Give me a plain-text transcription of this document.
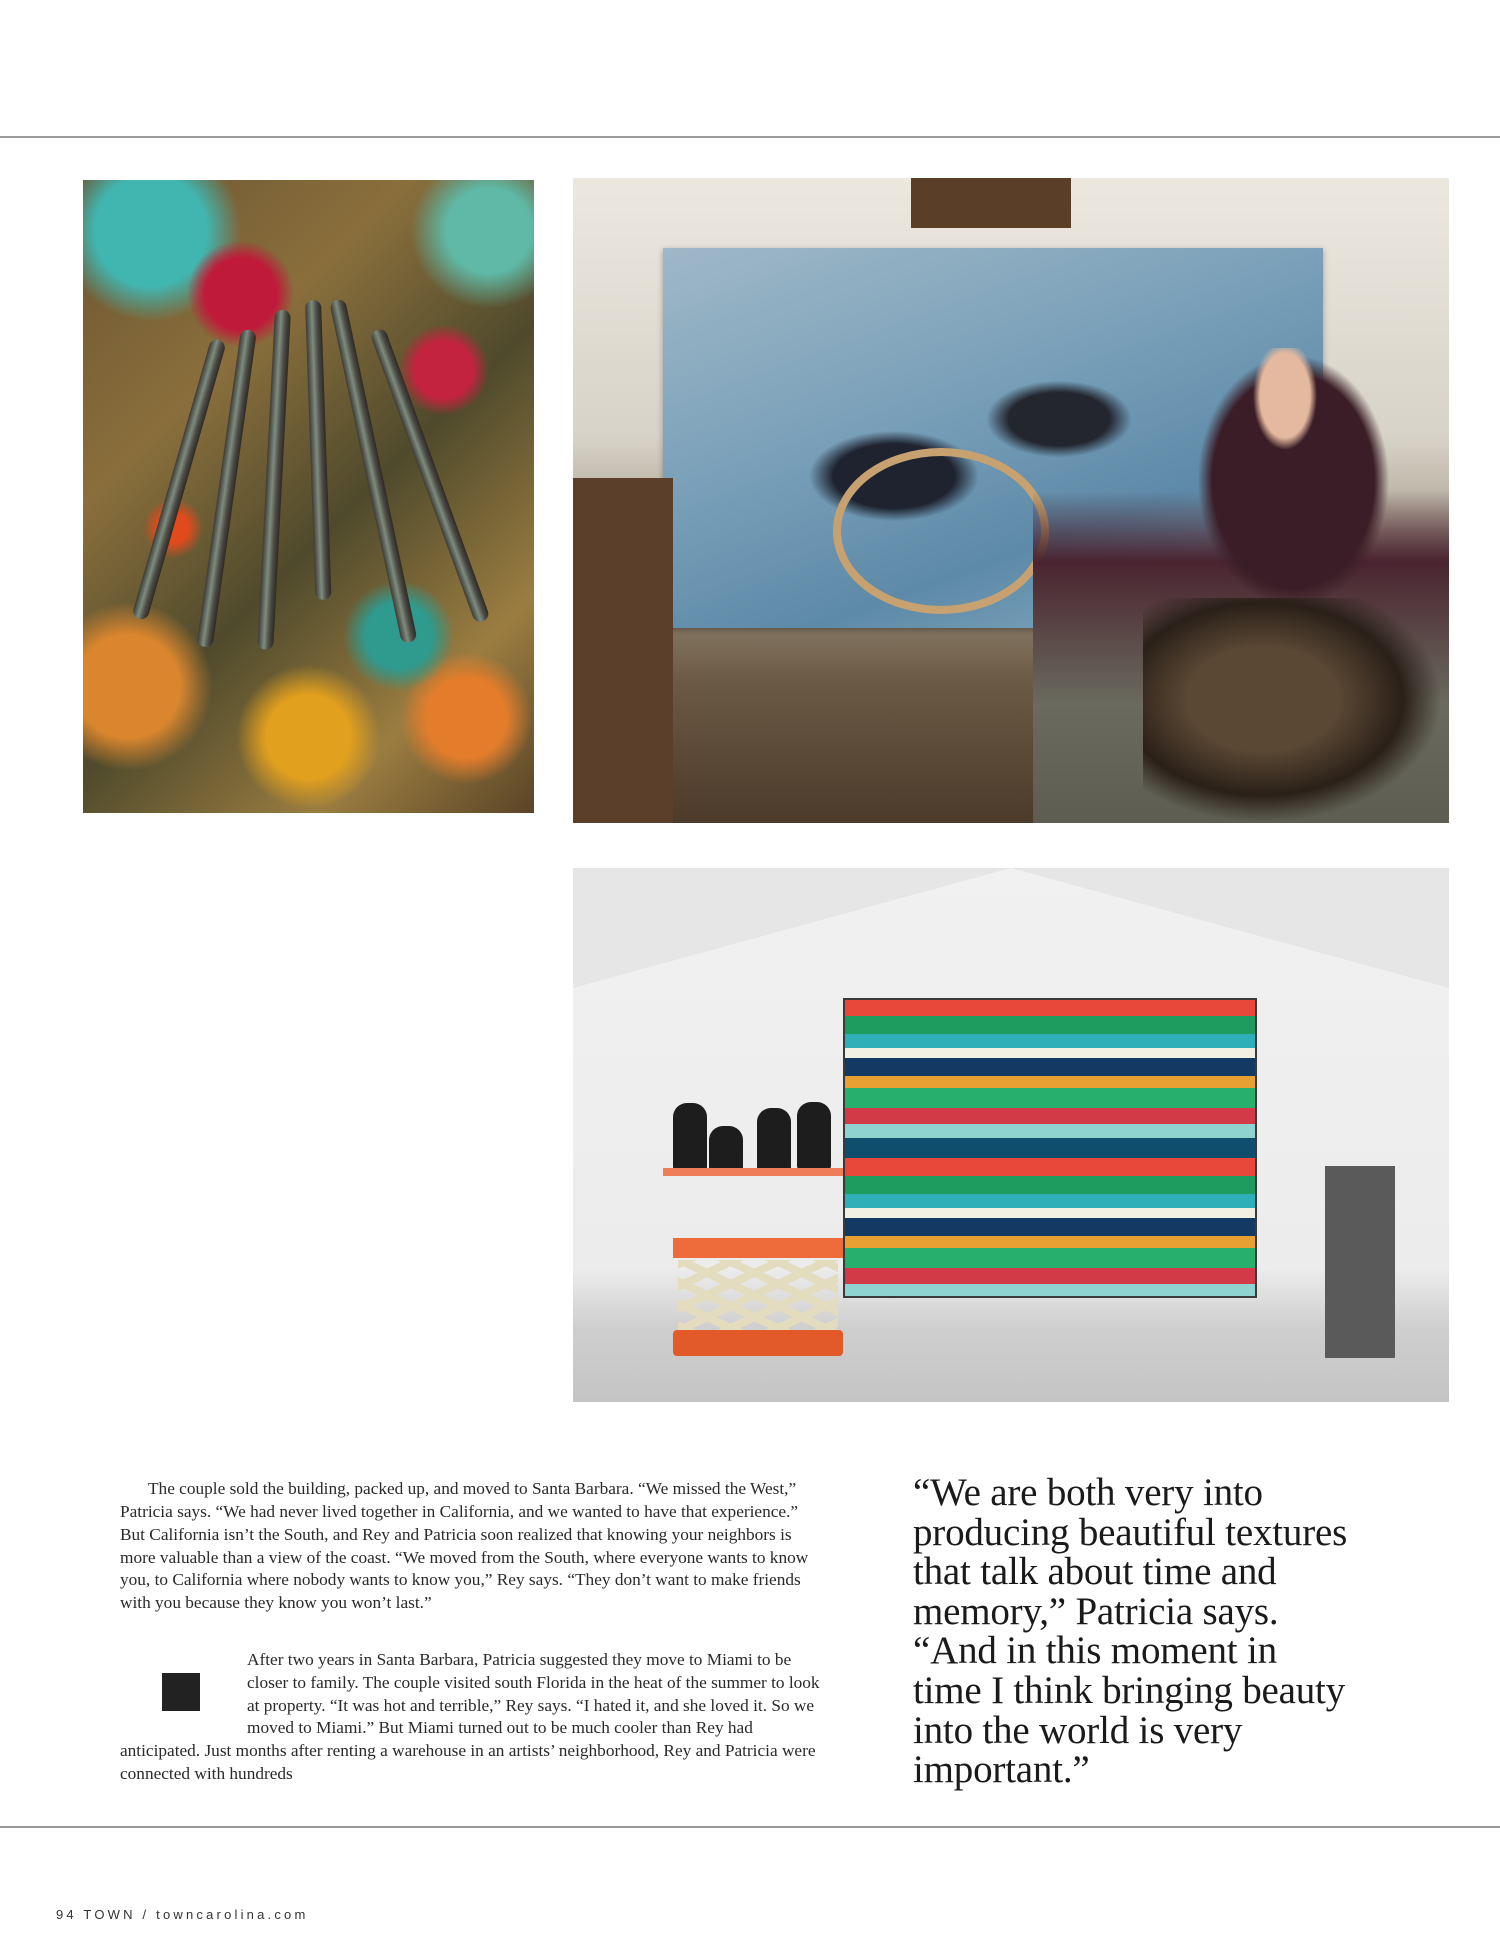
The couple sold the building, packed up, and moved to Santa Barbara. “We missed the West,” Patricia says. “We had never lived together in California, and we wanted to have that experience.” But California isn’t the South, and Rey and Patricia soon realized that knowing your neighbors is more valuable than a view of the coast. “We moved from the South, where everyone wants to know you, to California where nobody wants to know you,” Rey says. “They don’t want to make friends with you because they know you won’t last.”

After two years in Santa Barbara, Patricia suggested they move to Miami to be closer to family. The couple visited south Florida in the heat of the summer to look at property. “It was hot and terrible,” Rey says. “I hated it, and she loved it. So we moved to Miami.” But Miami turned out to be much cooler than Rey had anticipated. Just months after renting a warehouse in an artists’ neighborhood, Rey and Patricia were connected with hundreds
“We are both very into producing beautiful textures that talk about time and memory,” Patricia says. “And in this moment in time I think bringing beauty into the world is very important.”
94 TOWN / towncarolina.com
